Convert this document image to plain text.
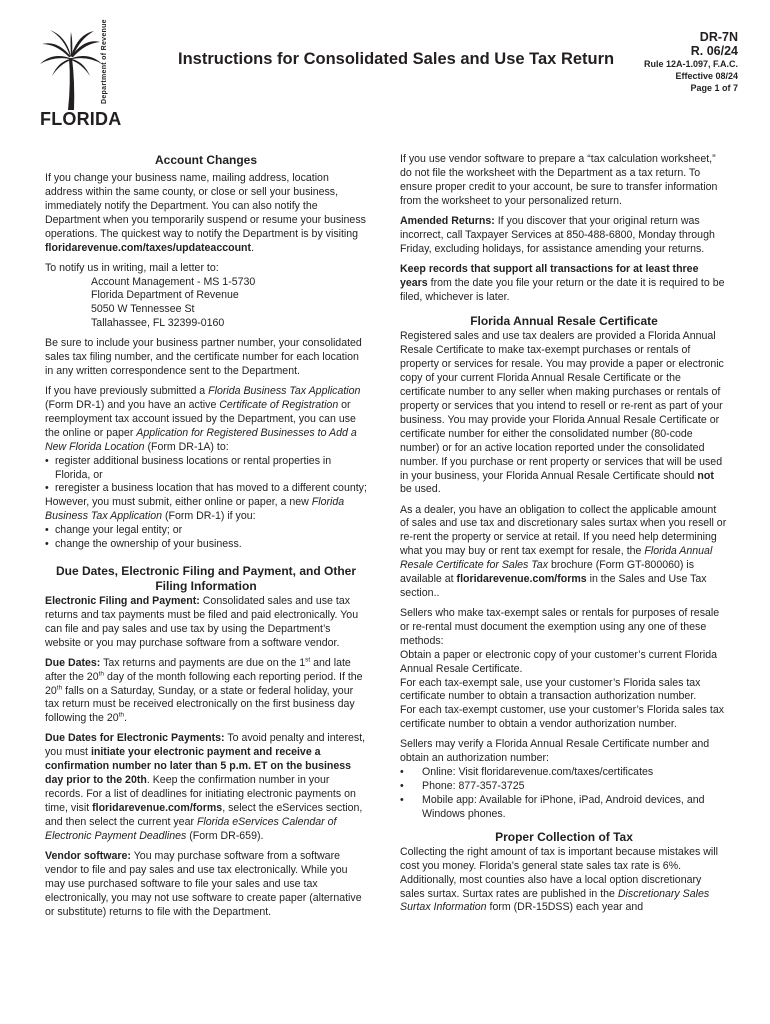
Department of Revenue
FLORIDA
Instructions for Consolidated Sales and Use Tax Return
DR-7N
R. 06/24
Rule 12A-1.097, F.A.C.
Effective 08/24
Page 1 of 7
Account Changes

If you change your business name, mailing address, location address within the same county, or close or sell your business, immediately notify the Department. You can also notify the Department when you temporarily suspend or resume your business operations. The quickest way to notify the Department is by visiting floridarevenue.com/taxes/updateaccount.

To notify us in writing, mail a letter to:

Account Management - MS 1-5730
Florida Department of Revenue
5050 W Tennessee St
Tallahassee, FL 32399-0160

Be sure to include your business partner number, your consolidated sales tax filing number, and the certificate number for each location in any written correspondence sent to the Department.

If you have previously submitted a Florida Business Tax Application (Form DR-1) and you have an active Certificate of Registration or reemployment tax account issued by the Department, you can use the online or paper Application for Registered Businesses to Add a New Florida Location (Form DR-1A) to:

• register additional business locations or rental properties in Florida, or
• reregister a business location that has moved to a different county;

However, you must submit, either online or paper, a new Florida Business Tax Application (Form DR-1) if you:

• change your legal entity; or
• change the ownership of your business.
Due Dates, Electronic Filing and Payment, and Other Filing Information

Electronic Filing and Payment: Consolidated sales and use tax returns and tax payments must be filed and paid electronically. You can file and pay sales and use tax by using the Department’s website or you may purchase software from a software vendor.

Due Dates: Tax returns and payments are due on the 1st and late after the 20th day of the month following each reporting period. If the 20th falls on a Saturday, Sunday, or a state or federal holiday, your tax return must be received electronically on the first business day following the 20th.

Due Dates for Electronic Payments: To avoid penalty and interest, you must initiate your electronic payment and receive a confirmation number no later than 5 p.m. ET on the business day prior to the 20th. Keep the confirmation number in your records. For a list of deadlines for initiating electronic payments on time, visit floridarevenue.com/forms, select the eServices section, and then select the current year Florida eServices Calendar of Electronic Payment Deadlines (Form DR-659).

Vendor software: You may purchase software from a software vendor to file and pay sales and use tax electronically. While you may use purchased software to file your sales and use tax electronically, you may not use software to create paper (alternative or substitute) returns to file with the Department.

If you use vendor software to prepare a “tax calculation worksheet,” do not file the worksheet with the Department as a tax return. To ensure proper credit to your account, be sure to transfer information from the worksheet to your personalized return.

Amended Returns: If you discover that your original return was incorrect, call Taxpayer Services at 850-488-6800, Monday through Friday, excluding holidays, for assistance amending your returns.

Keep records that support all transactions for at least three years from the date you file your return or the date it is required to be filed, whichever is later.

Florida Annual Resale Certificate

Registered sales and use tax dealers are provided a Florida Annual Resale Certificate to make tax-exempt purchases or rentals of property or services for resale. You may provide a paper or electronic copy of your current Florida Annual Resale Certificate or the certificate number to any seller when making purchases or rentals of property or services that you intend to resell or re-rent as part of your business. You may provide your Florida Annual Resale Certificate or certificate number for either the consolidated number (80-code number) or for an active location reported under the consolidated number. If you purchase or rent property or services that will be used in your business, your Florida Annual Resale Certificate should not be used.

As a dealer, you have an obligation to collect the applicable amount of sales and use tax and discretionary sales surtax when you resell or re-rent the property or service at retail. If you need help determining what you may buy or rent tax exempt for resale, the Florida Annual Resale Certificate for Sales Tax brochure (Form GT-800060) is available at floridarevenue.com/forms in the Sales and Use Tax section..

Sellers who make tax-exempt sales or rentals for purposes of resale or re-rental must document the exemption using any one of these methods:
Obtain a paper or electronic copy of your customer’s current Florida Annual Resale Certificate.
For each tax-exempt sale, use your customer’s Florida sales tax certificate number to obtain a transaction authorization number.
For each tax-exempt customer, use your customer’s Florida sales tax certificate number to obtain a vendor authorization number.

Sellers may verify a Florida Annual Resale Certificate number and obtain an authorization number:

• Online: Visit floridarevenue.com/taxes/certificates
• Phone: 877-357-3725
• Mobile app: Available for iPhone, iPad, Android devices, and Windows phones.
Proper Collection of Tax

Collecting the right amount of tax is important because mistakes will cost you money. Florida’s general state sales tax rate is 6%. Additionally, most counties also have a local option discretionary sales surtax. Surtax rates are published in the Discretionary Sales Surtax Information form (DR-15DSS) each year and
